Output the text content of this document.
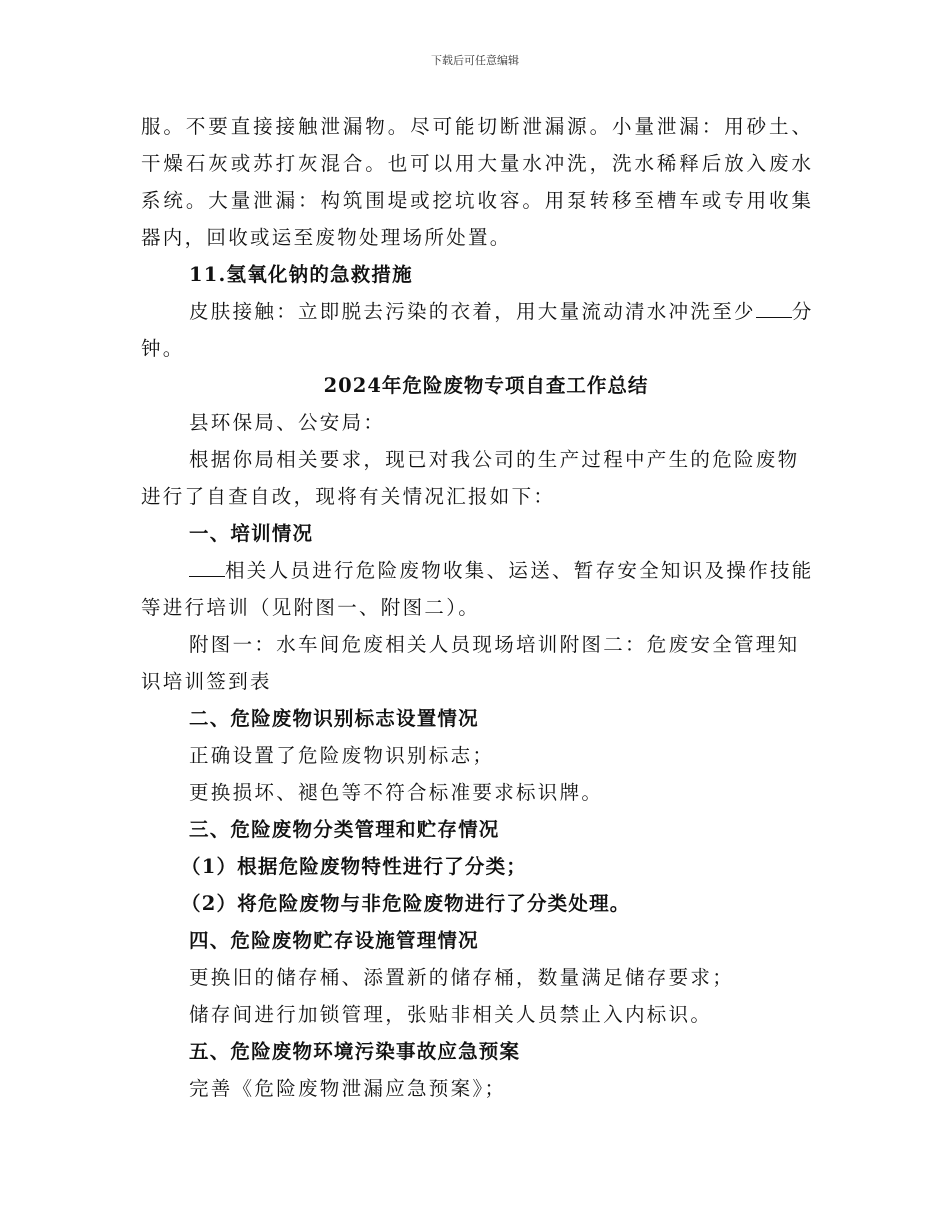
下载后可任意编辑
服。不要直接接触泄漏物。尽可能切断泄漏源。小量泄漏：用砂土、
干燥石灰或苏打灰混合。也可以用大量水冲洗，洗水稀释后放入废水
系统。大量泄漏：构筑围堤或挖坑收容。用泵转移至槽车或专用收集
器内，回收或运至废物处理场所处置。
11.氢氧化钠的急救措施
皮肤接触：立即脱去污染的衣着，用大量流动清水冲洗至少 分
钟。
2024年危险废物专项自查工作总结
县环保局、公安局：
根据你局相关要求，现已对我公司的生产过程中产生的危险废物
进行了自查自改，现将有关情况汇报如下：
一、培训情况
相关人员进行危险废物收集、运送、暂存安全知识及操作技能
等进行培训（见附图一、附图二）。
附图一：水车间危废相关人员现场培训附图二：危废安全管理知
识培训签到表
二、危险废物识别标志设置情况
正确设置了危险废物识别标志；
更换损坏、褪色等不符合标准要求标识牌。
三、危险废物分类管理和贮存情况
（1）根据危险废物特性进行了分类；
（2）将危险废物与非危险废物进行了分类处理。
四、危险废物贮存设施管理情况
更换旧的储存桶、添置新的储存桶，数量满足储存要求；
储存间进行加锁管理，张贴非相关人员禁止入内标识。
五、危险废物环境污染事故应急预案
完善《危险废物泄漏应急预案》；
